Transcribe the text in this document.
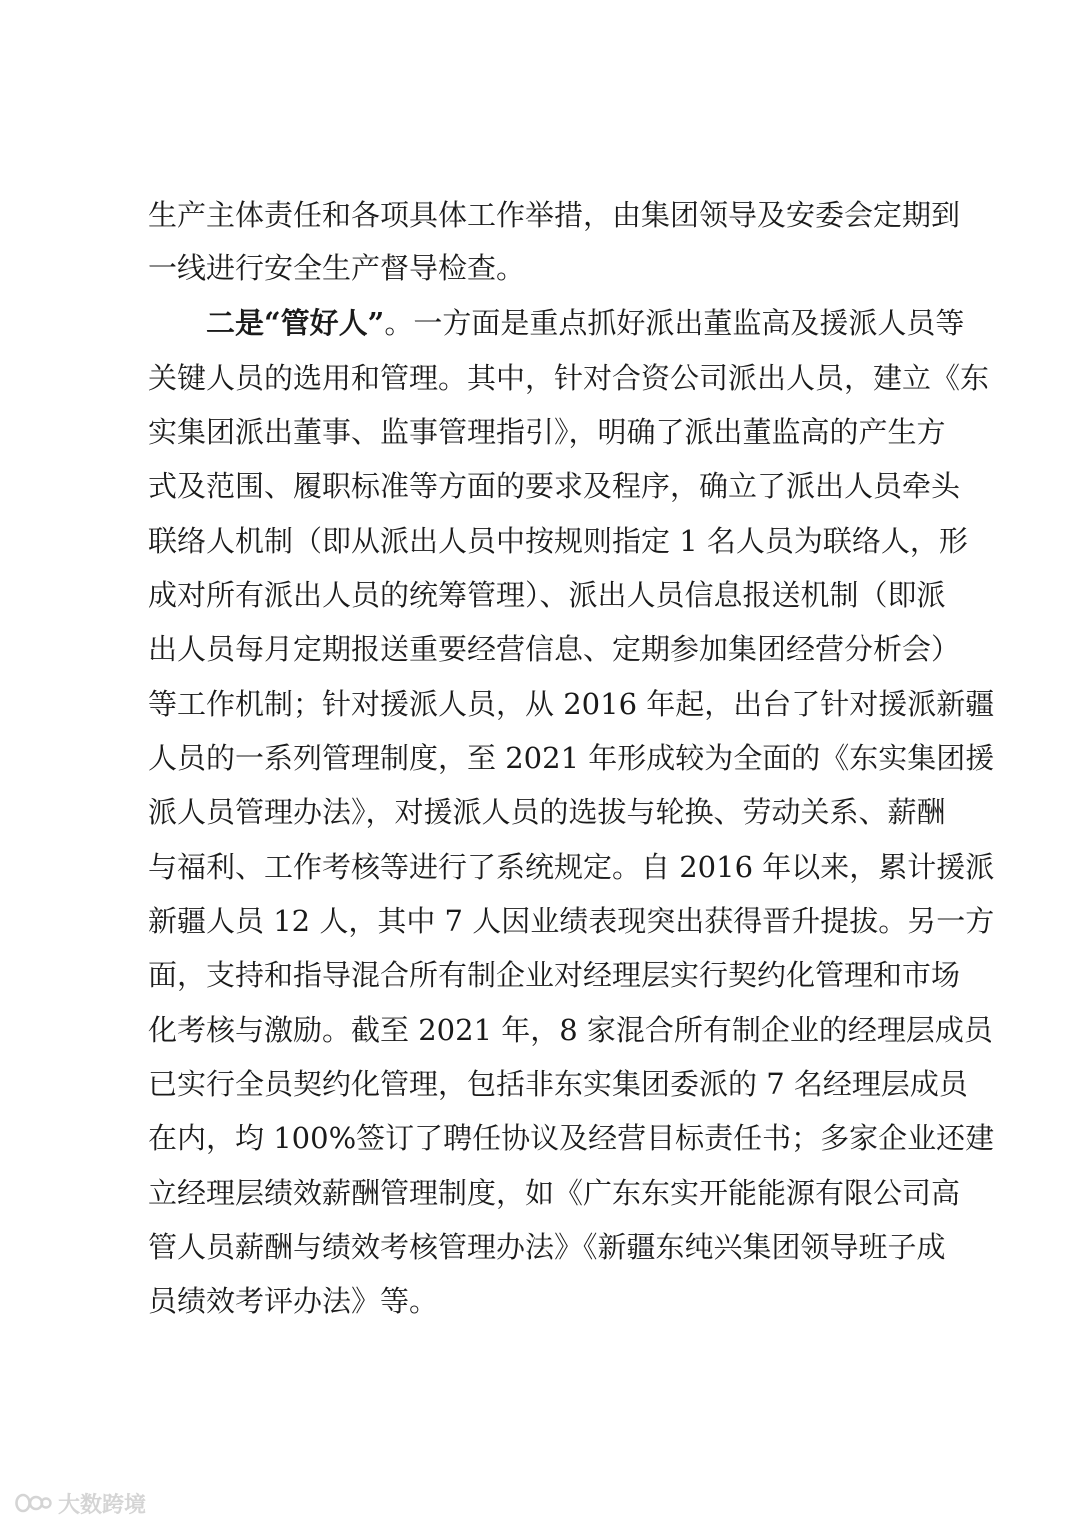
生产主体责任和各项具体工作举措，由集团领导及安委会定期到
一线进行安全生产督导检查。
二是“管好人”。一方面是重点抓好派出董监高及援派人员等
关键人员的选用和管理。其中，针对合资公司派出人员，建立《东
实集团派出董事、监事管理指引》，明确了派出董监高的产生方
式及范围、履职标准等方面的要求及程序，确立了派出人员牵头
联络人机制（即从派出人员中按规则指定 1 名人员为联络人，形
成对所有派出人员的统筹管理）、派出人员信息报送机制（即派
出人员每月定期报送重要经营信息、定期参加集团经营分析会）
等工作机制；针对援派人员，从 2016 年起，出台了针对援派新疆
人员的一系列管理制度，至 2021 年形成较为全面的《东实集团援
派人员管理办法》，对援派人员的选拔与轮换、劳动关系、薪酬
与福利、工作考核等进行了系统规定。自 2016 年以来，累计援派
新疆人员 12 人，其中 7 人因业绩表现突出获得晋升提拔。另一方
面，支持和指导混合所有制企业对经理层实行契约化管理和市场
化考核与激励。截至 2021 年，8 家混合所有制企业的经理层成员
已实行全员契约化管理，包括非东实集团委派的 7 名经理层成员
在内，均 100%签订了聘任协议及经营目标责任书；多家企业还建
立经理层绩效薪酬管理制度，如《广东东实开能能源有限公司高
管人员薪酬与绩效考核管理办法》《新疆东纯兴集团领导班子成
员绩效考评办法》等。
大数跨境
